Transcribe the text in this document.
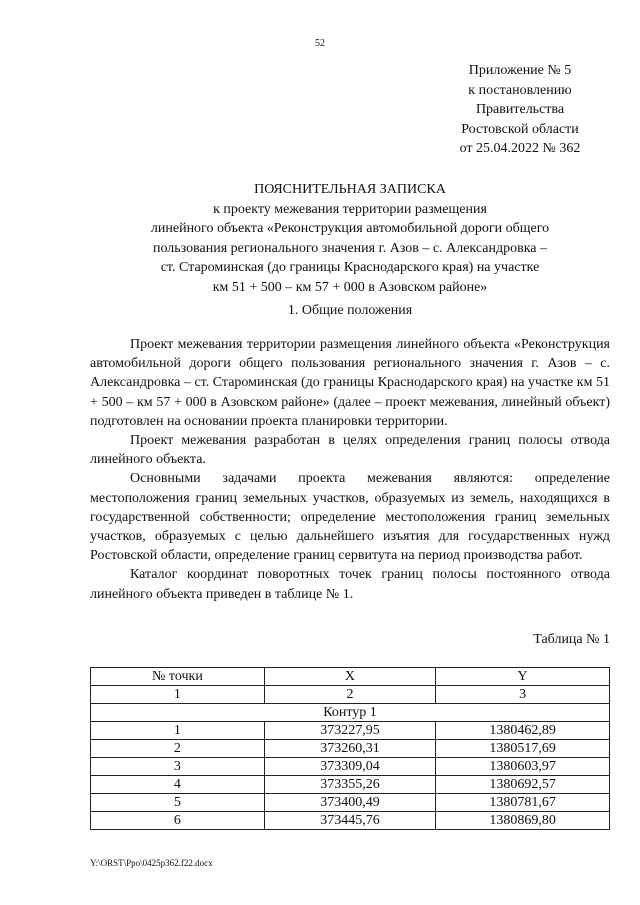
52
Приложение № 5
к постановлению
Правительства
Ростовской области
от 25.04.2022 № 362
ПОЯСНИТЕЛЬНАЯ ЗАПИСКА
к проекту межевания территории размещения
линейного объекта «Реконструкция автомобильной дороги общего
пользования регионального значения г. Азов – с. Александровка –
ст. Староминская (до границы Краснодарского края) на участке
км 51 + 500 – км 57 + 000 в Азовском районе»
1. Общие положения

Проект межевания территории размещения линейного объекта «Реконструкция автомобильной дороги общего пользования регионального значения г. Азов – с. Александровка – ст. Староминская (до границы Краснодарского края) на участке км 51 + 500 – км 57 + 000 в Азовском районе» (далее – проект межевания, линейный объект) подготовлен на основании проекта планировки территории.

Проект межевания разработан в целях определения границ полосы отвода линейного объекта.

Основными задачами проекта межевания являются: определение местоположения границ земельных участков, образуемых из земель, находящихся в государственной собственности; определение местоположения границ земельных участков, образуемых с целью дальнейшего изъятия для государственных нужд Ростовской области, определение границ сервитута на период производства работ.

Каталог координат поворотных точек границ полосы постоянного отвода линейного объекта приведен в таблице № 1.

Таблица № 1
№ точки	X	Y
1	2	3
Контур 1		
1	373227,95	1380462,89
2	373260,31	1380517,69
3	373309,04	1380603,97
4	373355,26	1380692,57
5	373400,49	1380781,67
6	373445,76	1380869,80
Y:\ORST\Ppo\0425p362.f22.docx
